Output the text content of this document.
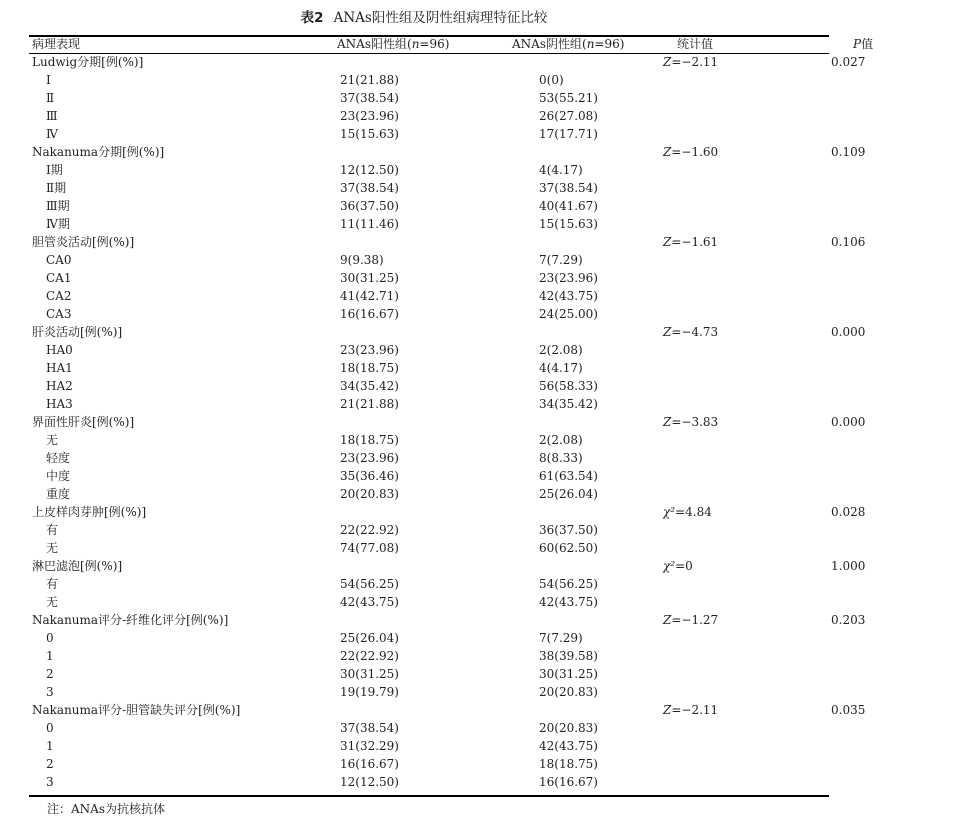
表2 ANAs阳性组及阴性组病理特征比较
病理表现	ANAs阳性组(n=96)	ANAs阴性组(n=96)	统计值	P值
Ludwig分期[例(%)]			Z=−2.11	0.027
Ⅰ	21(21.88)	0(0)		
Ⅱ	37(38.54)	53(55.21)		
Ⅲ	23(23.96)	26(27.08)		
Ⅳ	15(15.63)	17(17.71)		
Nakanuma分期[例(%)]			Z=−1.60	0.109
Ⅰ期	12(12.50)	4(4.17)		
Ⅱ期	37(38.54)	37(38.54)		
Ⅲ期	36(37.50)	40(41.67)		
Ⅳ期	11(11.46)	15(15.63)		
胆管炎活动[例(%)]			Z=−1.61	0.106
CA0	9(9.38)	7(7.29)		
CA1	30(31.25)	23(23.96)		
CA2	41(42.71)	42(43.75)		
CA3	16(16.67)	24(25.00)		
肝炎活动[例(%)]			Z=−4.73	0.000
HA0	23(23.96)	2(2.08)		
HA1	18(18.75)	4(4.17)		
HA2	34(35.42)	56(58.33)		
HA3	21(21.88)	34(35.42)		
界面性肝炎[例(%)]			Z=−3.83	0.000
无	18(18.75)	2(2.08)		
轻度	23(23.96)	8(8.33)		
中度	35(36.46)	61(63.54)		
重度	20(20.83)	25(26.04)		
上皮样肉芽肿[例(%)]			χ²=4.84	0.028
有	22(22.92)	36(37.50)		
无	74(77.08)	60(62.50)		
淋巴滤泡[例(%)]			χ²=0	1.000
有	54(56.25)	54(56.25)		
无	42(43.75)	42(43.75)		
Nakanuma评分-纤维化评分[例(%)]			Z=−1.27	0.203
0	25(26.04)	7(7.29)		
1	22(22.92)	38(39.58)		
2	30(31.25)	30(31.25)		
3	19(19.79)	20(20.83)		
Nakanuma评分-胆管缺失评分[例(%)]			Z=−2.11	0.035
0	37(38.54)	20(20.83)		
1	31(32.29)	42(43.75)		
2	16(16.67)	18(18.75)		
3	12(12.50)	16(16.67)		
注：ANAs为抗核抗体
